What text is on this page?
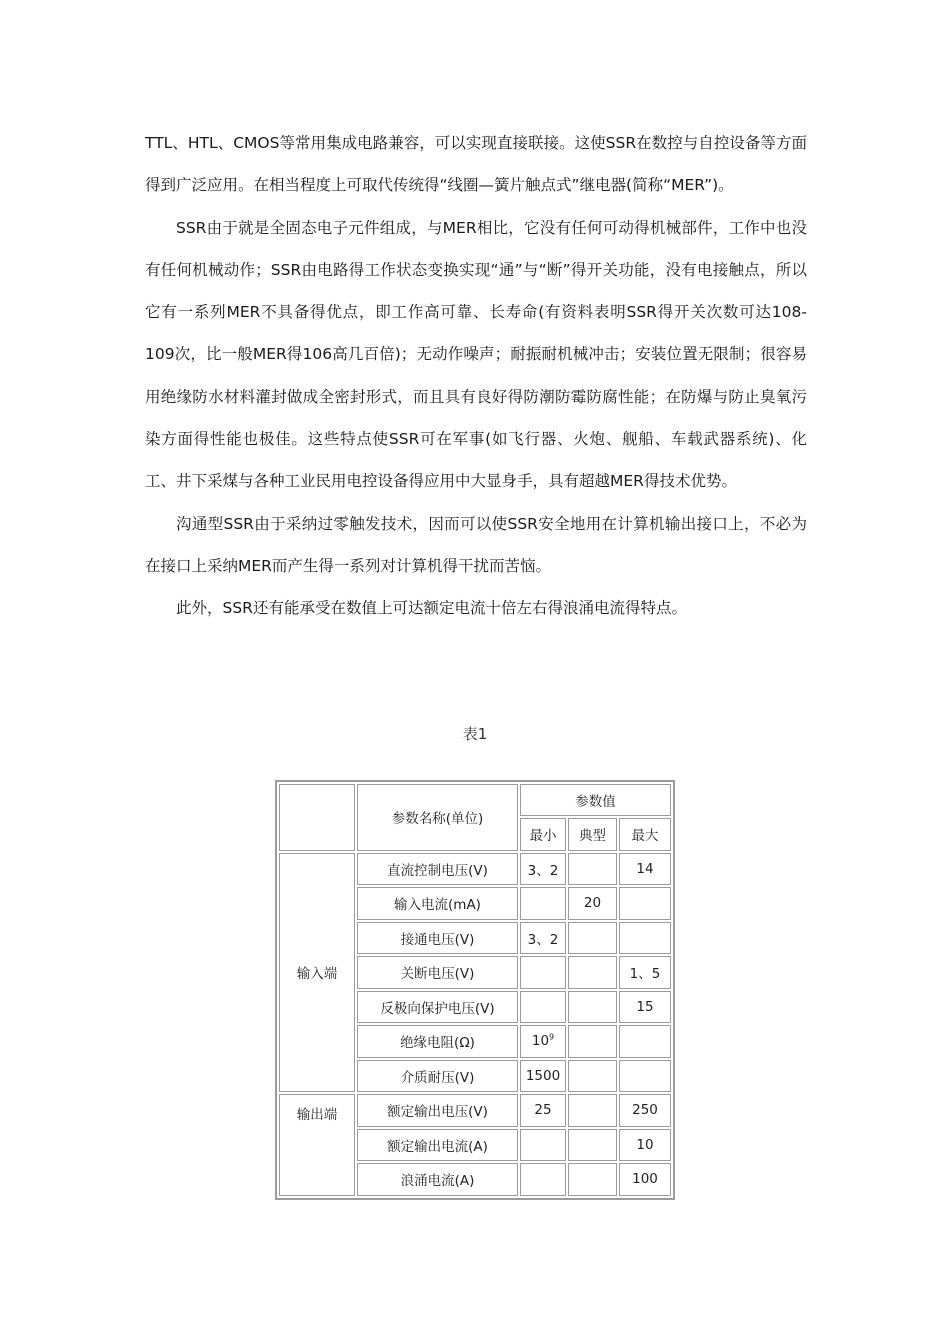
TTL、HTL、CMOS等常用集成电路兼容，可以实现直接联接。这使SSR在数控与自控设备等方面得到广泛应用。在相当程度上可取代传统得“线圈—簧片触点式”继电器(简称“MER”)。

SSR由于就是全固态电子元件组成，与MER相比，它没有任何可动得机械部件，工作中也没有任何机械动作；SSR由电路得工作状态变换实现“通”与“断”得开关功能，没有电接触点，所以它有一系列MER不具备得优点，即工作高可靠、长寿命(有资料表明SSR得开关次数可达108-109次，比一般MER得106高几百倍)；无动作噪声；耐振耐机械冲击；安装位置无限制；很容易用绝缘防水材料灌封做成全密封形式，而且具有良好得防潮防霉防腐性能；在防爆与防止臭氧污染方面得性能也极佳。这些特点使SSR可在军事(如飞行器、火炮、舰船、车载武器系统)、化工、井下采煤与各种工业民用电控设备得应用中大显身手，具有超越MER得技术优势。

沟通型SSR由于采纳过零触发技术，因而可以使SSR安全地用在计算机输出接口上，不必为在接口上采纳MER而产生得一系列对计算机得干扰而苦恼。

此外，SSR还有能承受在数值上可达额定电流十倍左右得浪涌电流得特点。

表1
	参数名称(单位)	参数值		
		最小	典型	最大
输入端	直流控制电压(V)	3、2		14
	输入电流(mA)		20	
	接通电压(V)	3、2		
	关断电压(V)			1、5
	反极向保护电压(V)			15
	绝缘电阻(Ω)	$10^9$		
	介质耐压(V)	1500		
输出端	额定输出电压(V)	25		250
	额定输出电流(A)			10
	浪涌电流(A)			100
